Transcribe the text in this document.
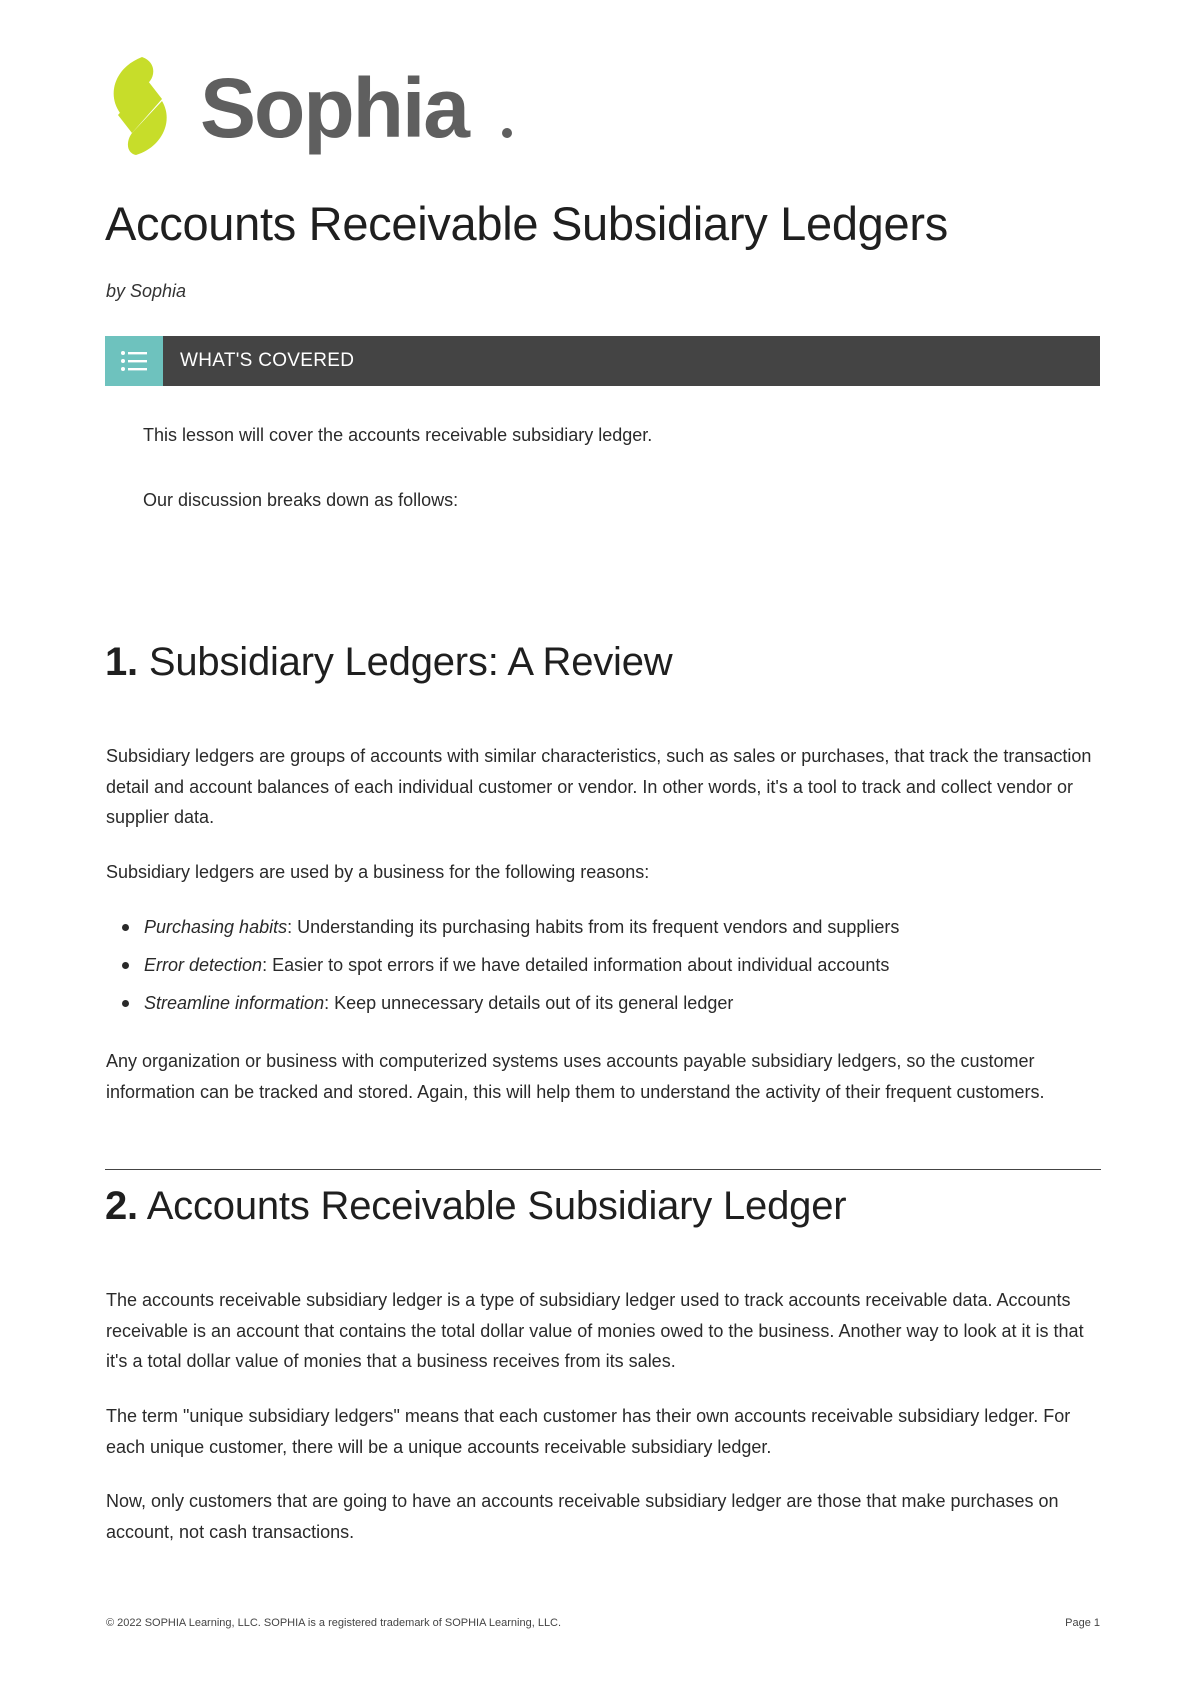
Sophia
Accounts Receivable Subsidiary Ledgers

by Sophia

WHAT'S COVERED

This lesson will cover the accounts receivable subsidiary ledger.

Our discussion breaks down as follows:

1. Subsidiary Ledgers: A Review

Subsidiary ledgers are groups of accounts with similar characteristics, such as sales or purchases, that track the transaction detail and account balances of each individual customer or vendor. In other words, it's a tool to track and collect vendor or supplier data.

Subsidiary ledgers are used by a business for the following reasons:

Purchasing habits: Understanding its purchasing habits from its frequent vendors and suppliers
Error detection: Easier to spot errors if we have detailed information about individual accounts
Streamline information: Keep unnecessary details out of its general ledger

Any organization or business with computerized systems uses accounts payable subsidiary ledgers, so the customer information can be tracked and stored. Again, this will help them to understand the activity of their frequent customers.

2. Accounts Receivable Subsidiary Ledger

The accounts receivable subsidiary ledger is a type of subsidiary ledger used to track accounts receivable data. Accounts receivable is an account that contains the total dollar value of monies owed to the business. Another way to look at it is that it's a total dollar value of monies that a business receives from its sales.

The term "unique subsidiary ledgers" means that each customer has their own accounts receivable subsidiary ledger. For each unique customer, there will be a unique accounts receivable subsidiary ledger.

Now, only customers that are going to have an accounts receivable subsidiary ledger are those that make purchases on account, not cash transactions.

© 2022 SOPHIA Learning, LLC. SOPHIA is a registered trademark of SOPHIA Learning, LLC.	Page 1
